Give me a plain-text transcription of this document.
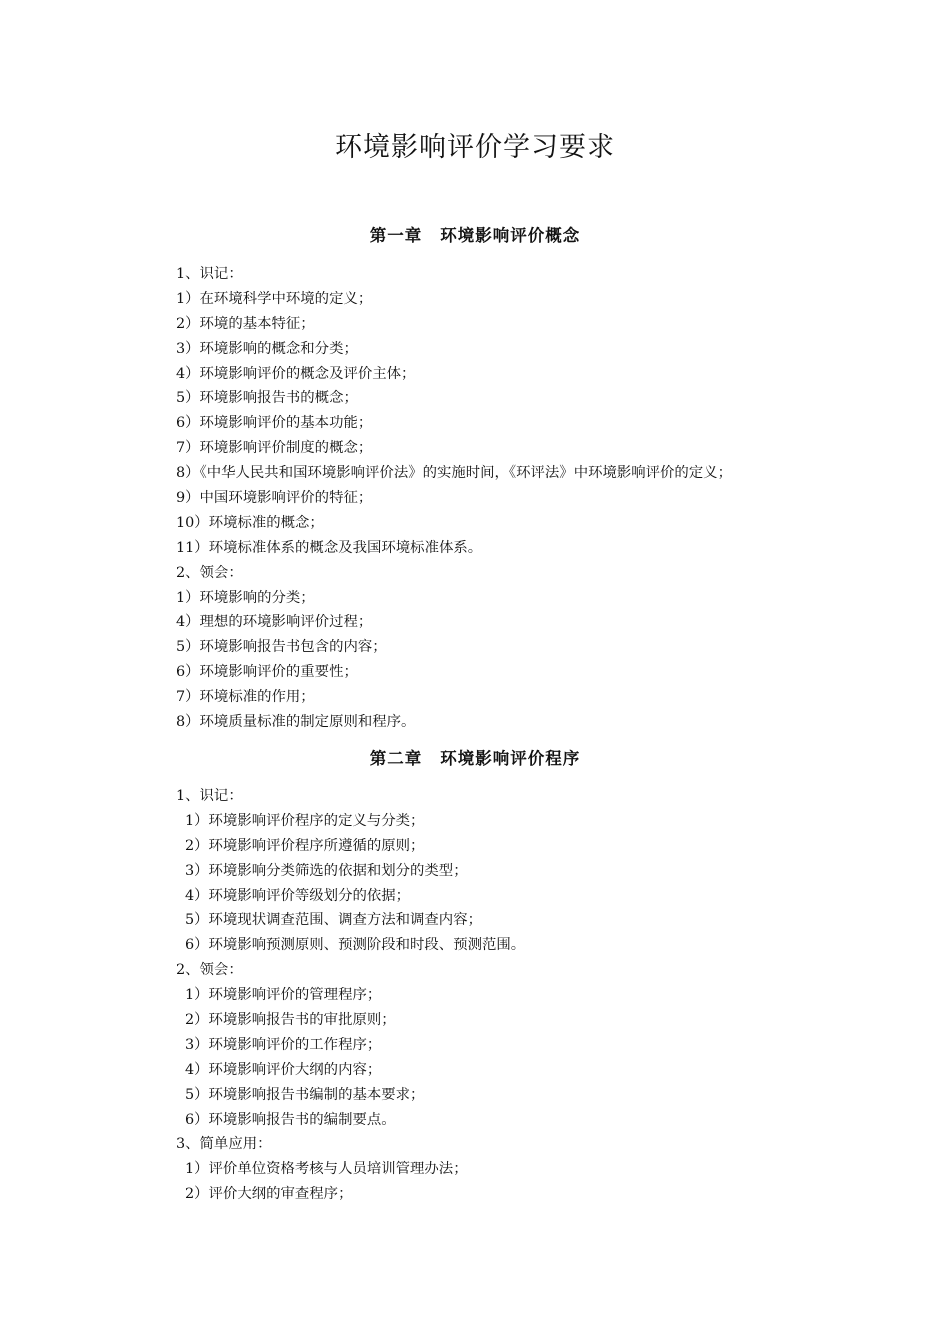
环境影响评价学习要求
第一章 环境影响评价概念
1、识记：
1）在环境科学中环境的定义；
2）环境的基本特征；
3）环境影响的概念和分类；
4）环境影响评价的概念及评价主体；
5）环境影响报告书的概念；
6）环境影响评价的基本功能；
7）环境影响评价制度的概念；
8）《中华人民共和国环境影响评价法》的实施时间，《环评法》中环境影响评价的定义；
9）中国环境影响评价的特征；
10）环境标准的概念；
11）环境标准体系的概念及我国环境标准体系。
2、领会：
1）环境影响的分类；
4）理想的环境影响评价过程；
5）环境影响报告书包含的内容；
6）环境影响评价的重要性；
7）环境标准的作用；
8）环境质量标准的制定原则和程序。
第二章 环境影响评价程序
1、识记：
1）环境影响评价程序的定义与分类；
2）环境影响评价程序所遵循的原则；
3）环境影响分类筛选的依据和划分的类型；
4）环境影响评价等级划分的依据；
5）环境现状调查范围、调查方法和调查内容；
6）环境影响预测原则、预测阶段和时段、预测范围。
2、领会：
1）环境影响评价的管理程序；
2）环境影响报告书的审批原则；
3）环境影响评价的工作程序；
4）环境影响评价大纲的内容；
5）环境影响报告书编制的基本要求；
6）环境影响报告书的编制要点。
3、简单应用：
1）评价单位资格考核与人员培训管理办法；
2）评价大纲的审查程序；
